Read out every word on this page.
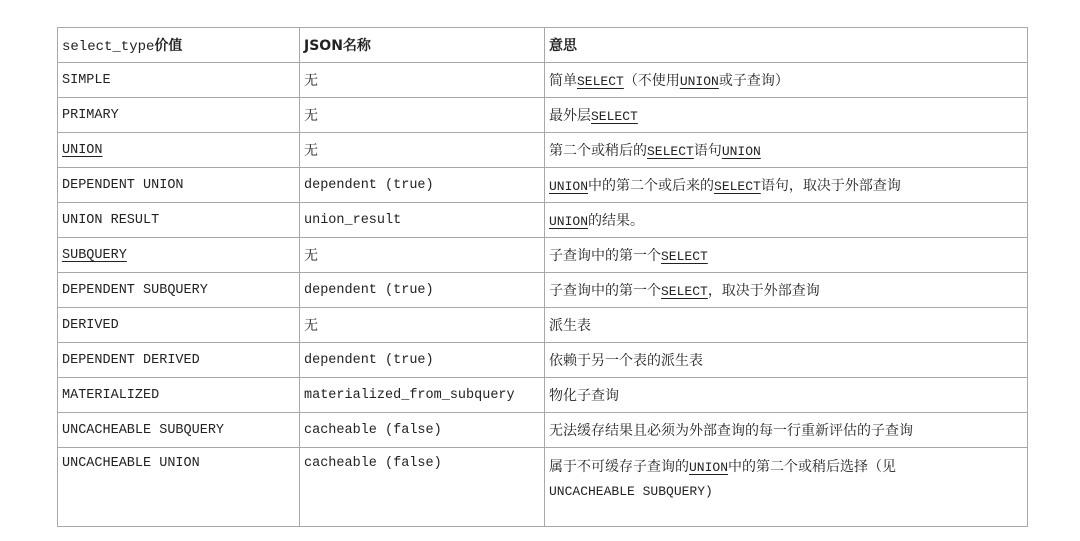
select_type价值	JSON名称	意思
SIMPLE	无	简单SELECT（不使用UNION或子查询）
PRIMARY	无	最外层SELECT
UNION	无	第二个或稍后的SELECT语句UNION
DEPENDENT UNION	dependent (true)	UNION中的第二个或后来的SELECT语句，取决于外部查询
UNION RESULT	union_result	UNION的结果。
SUBQUERY	无	子查询中的第一个SELECT
DEPENDENT SUBQUERY	dependent (true)	子查询中的第一个SELECT，取决于外部查询
DERIVED	无	派生表
DEPENDENT DERIVED	dependent (true)	依赖于另一个表的派生表
MATERIALIZED	materialized_from_subquery	物化子查询
UNCACHEABLE SUBQUERY	cacheable (false)	无法缓存结果且必须为外部查询的每一行重新评估的子查询
UNCACHEABLE UNION	cacheable (false)	属于不可缓存子查询的UNION中的第二个或稍后选择（见
UNCACHEABLE SUBQUERY)
